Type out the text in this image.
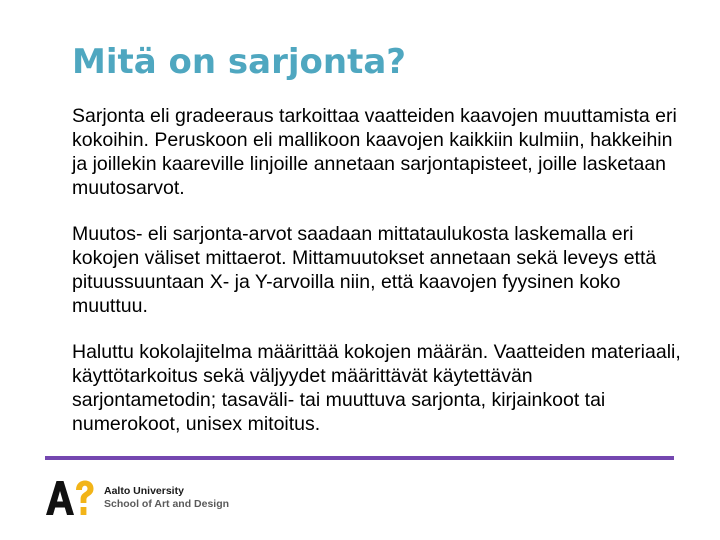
Mitä on sarjonta?

Sarjonta eli gradeeraus tarkoittaa vaatteiden kaavojen muuttamista eri kokoihin. Peruskoon eli mallikoon kaavojen kaikkiin kulmiin, hakkeihin ja joillekin kaareville linjoille annetaan sarjontapisteet, joille lasketaan muutosarvot.

Muutos- eli sarjonta-arvot saadaan mittataulukosta laskemalla eri kokojen väliset mittaerot. Mittamuutokset annetaan sekä leveys että pituussuuntaan X- ja Y-arvoilla niin, että kaavojen fyysinen koko muuttuu.

Haluttu kokolajitelma määrittää kokojen määrän. Vaatteiden materiaali, käyttötarkoitus sekä väljyydet määrittävät käytettävän sarjontametodin; tasaväli- tai muuttuva sarjonta, kirjainkoot tai numerokoot, unisex mitoitus.

Aalto University
School of Art and Design
